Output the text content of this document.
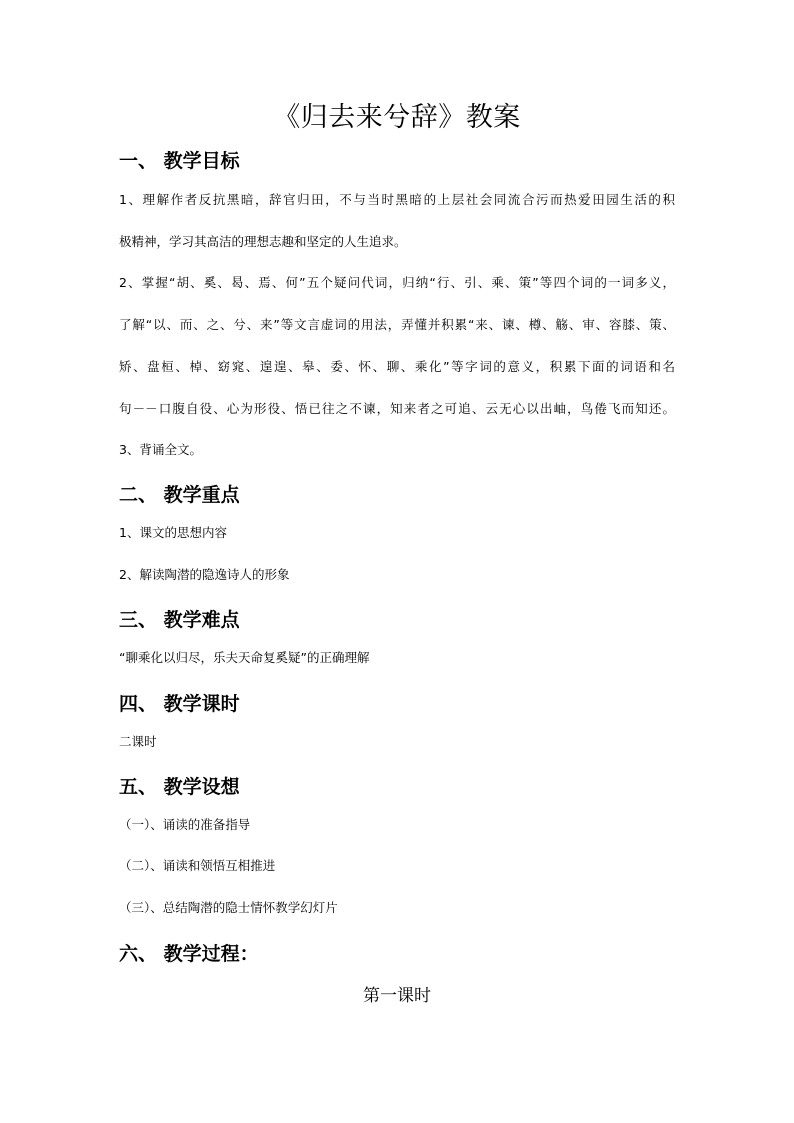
《归去来兮辞》教案
一、 教学目标
1、理解作者反抗黑暗，辞官归田，不与当时黑暗的上层社会同流合污而热爱田园生活的积
极精神，学习其高洁的理想志趣和坚定的人生追求。
2、掌握“胡、奚、曷、焉、何”五个疑问代词，归纳“行、引、乘、策”等四个词的一词多义，
了解“以、而、之、兮、来”等文言虚词的用法，弄懂并积累“来、谏、樽、觞、审、容膝、策、
矫、盘桓、棹、窈窕、遑遑、皋、委、怀、聊、乘化”等字词的意义，积累下面的词语和名
句－－口腹自役、心为形役、悟已往之不谏，知来者之可追、云无心以出岫，鸟倦飞而知还。
3、背诵全文。
二、 教学重点
1、课文的思想内容
2、解读陶潜的隐逸诗人的形象
三、 教学难点
“聊乘化以归尽，乐夫天命复奚疑”的正确理解
四、 教学课时
二课时
五、 教学设想
（一）、诵读的准备指导
（二）、诵读和领悟互相推进
（三）、总结陶潜的隐士情怀教学幻灯片
六、 教学过程：
第一课时
